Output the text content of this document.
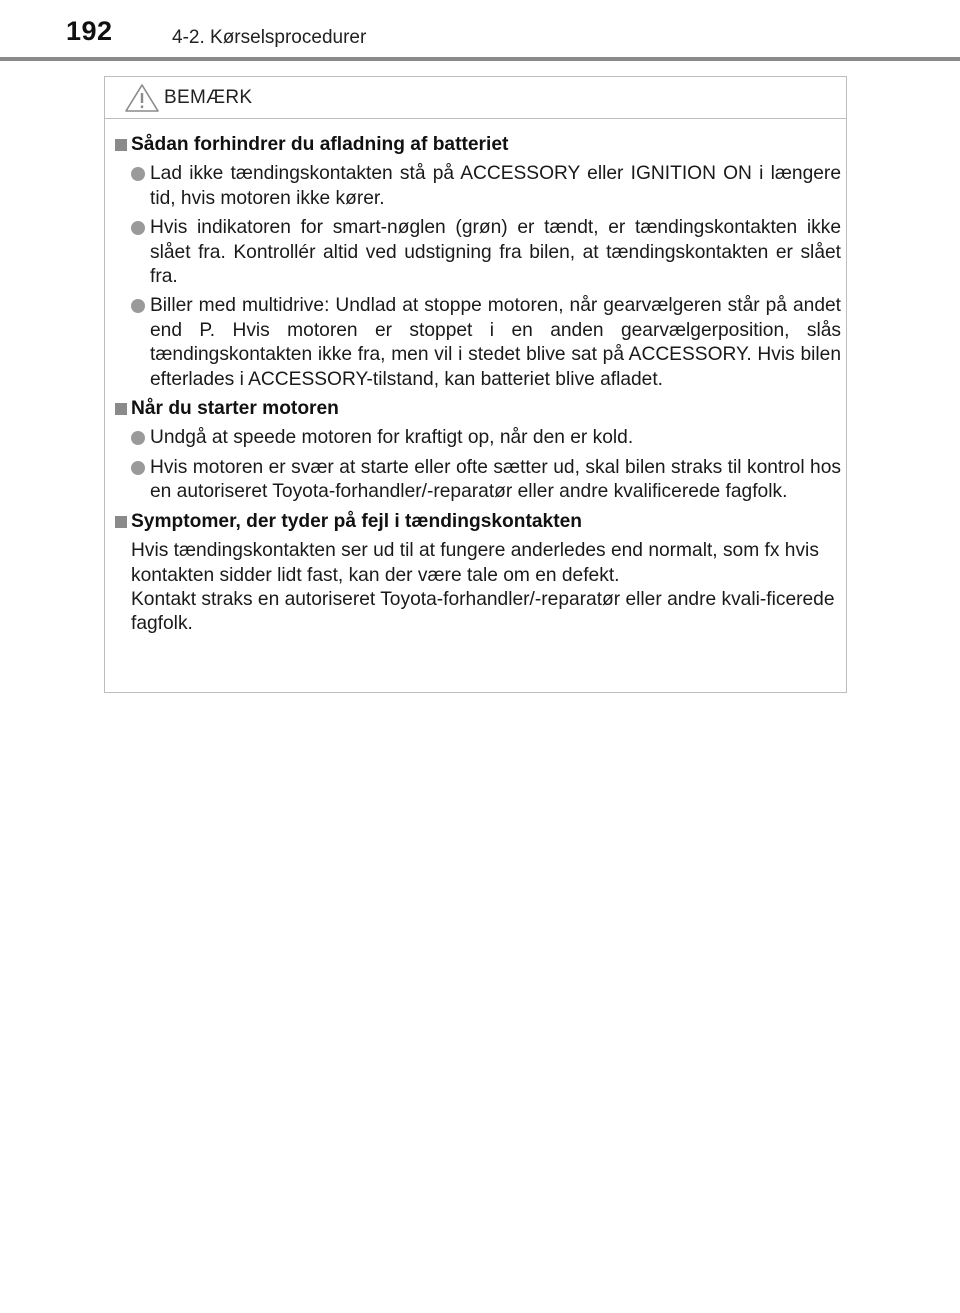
192	4-2. Kørselsprocedurer
BEMÆRK
Sådan forhindrer du afladning af batteriet
Lad ikke tændingskontakten stå på ACCESSORY eller IGNITION ON i længere tid, hvis motoren ikke kører.
Hvis indikatoren for smart-nøglen (grøn) er tændt, er tændingskontakten ikke slået fra. Kontrollér altid ved udstigning fra bilen, at tændingskontakten er slået fra.
Biller med multidrive: Undlad at stoppe motoren, når gearvælgeren står på andet end P. Hvis motoren er stoppet i en anden gearvælgerposition, slås tændingskontakten ikke fra, men vil i stedet blive sat på ACCESSORY. Hvis bilen efterlades i ACCESSORY-tilstand, kan batteriet blive afladet.
Når du starter motoren
Undgå at speede motoren for kraftigt op, når den er kold.
Hvis motoren er svær at starte eller ofte sætter ud, skal bilen straks til kontrol hos en autoriseret Toyota-forhandler/-reparatør eller andre kvalificerede fagfolk.
Symptomer, der tyder på fejl i tændingskontakten
Hvis tændingskontakten ser ud til at fungere anderledes end normalt, som fx hvis kontakten sidder lidt fast, kan der være tale om en defekt.
Kontakt straks en autoriseret Toyota-forhandler/-reparatør eller andre kvali-ficerede fagfolk.
